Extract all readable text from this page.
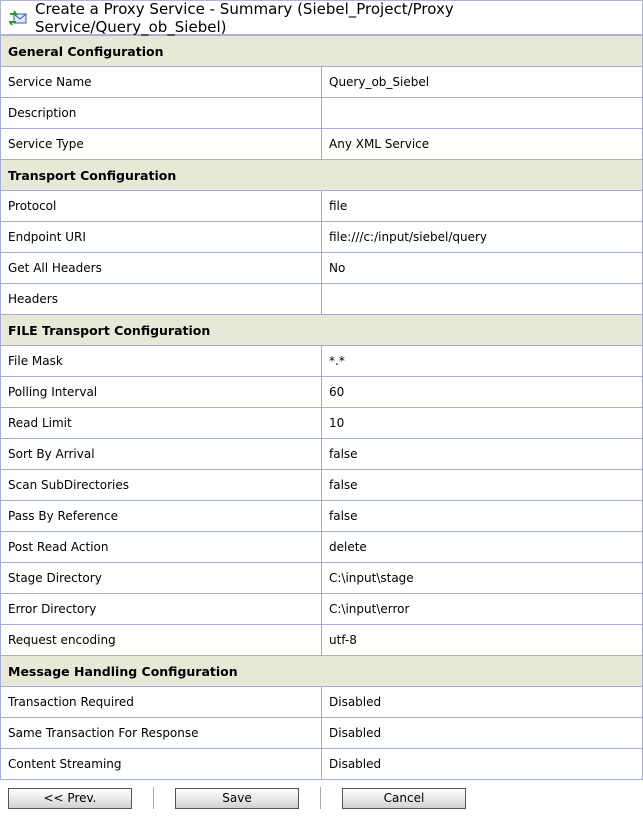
Create a Proxy Service - Summary (Siebel_Project/Proxy Service/Query_ob_Siebel)
General Configuration	
Service Name	Query_ob_Siebel
Description	
Service Type	Any XML Service
Transport Configuration	
Protocol	file
Endpoint URI	file:///c:/input/siebel/query
Get All Headers	No
Headers	
FILE Transport Configuration	
File Mask	*.*
Polling Interval	60
Read Limit	10
Sort By Arrival	false
Scan SubDirectories	false
Pass By Reference	false
Post Read Action	delete
Stage Directory	C:\input\stage
Error Directory	C:\input\error
Request encoding	utf-8
Message Handling Configuration	
Transaction Required	Disabled
Same Transaction For Response	Disabled
Content Streaming	Disabled
<< Prev.	Save	Cancel
